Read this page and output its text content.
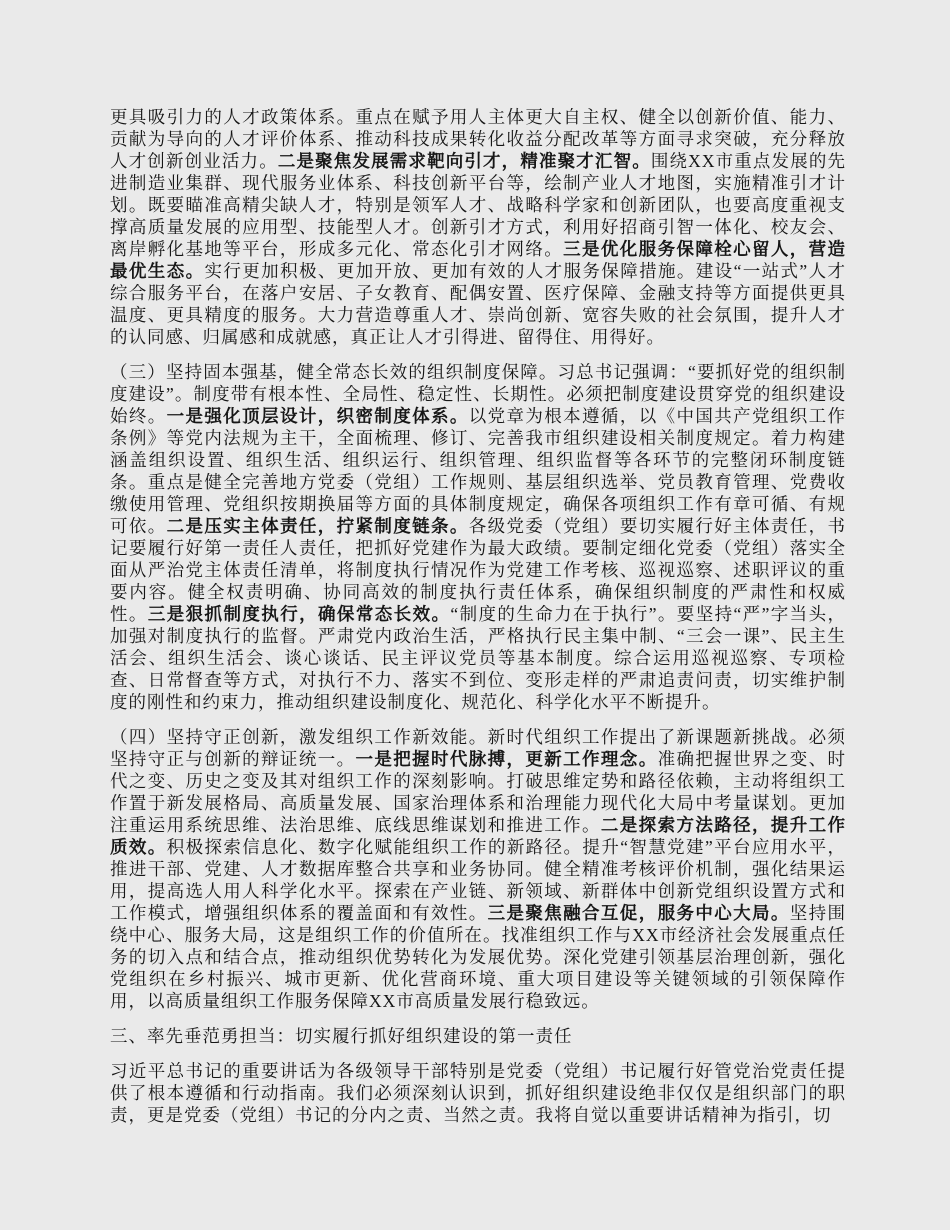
更具吸引力的人才政策体系。重点在赋予用人主体更大自主权、健全以创新价值、能力、贡献为导向的人才评价体系、推动科技成果转化收益分配改革等方面寻求突破，充分释放人才创新创业活力。二是聚焦发展需求靶向引才，精准聚才汇智。围绕XX市重点发展的先进制造业集群、现代服务业体系、科技创新平台等，绘制产业人才地图，实施精准引才计划。既要瞄准高精尖缺人才，特别是领军人才、战略科学家和创新团队，也要高度重视支撑高质量发展的应用型、技能型人才。创新引才方式，利用好招商引智一体化、校友会、离岸孵化基地等平台，形成多元化、常态化引才网络。三是优化服务保障栓心留人，营造最优生态。实行更加积极、更加开放、更加有效的人才服务保障措施。建设“一站式”人才综合服务平台，在落户安居、子女教育、配偶安置、医疗保障、金融支持等方面提供更具温度、更具精度的服务。大力营造尊重人才、崇尚创新、宽容失败的社会氛围，提升人才的认同感、归属感和成就感，真正让人才引得进、留得住、用得好。

（三）坚持固本强基，健全常态长效的组织制度保障。习总书记强调：“要抓好党的组织制度建设”。制度带有根本性、全局性、稳定性、长期性。必须把制度建设贯穿党的组织建设始终。一是强化顶层设计，织密制度体系。以党章为根本遵循，以《中国共产党组织工作条例》等党内法规为主干，全面梳理、修订、完善我市组织建设相关制度规定。着力构建涵盖组织设置、组织生活、组织运行、组织管理、组织监督等各环节的完整闭环制度链条。重点是健全完善地方党委（党组）工作规则、基层组织选举、党员教育管理、党费收缴使用管理、党组织按期换届等方面的具体制度规定，确保各项组织工作有章可循、有规可依。二是压实主体责任，拧紧制度链条。各级党委（党组）要切实履行好主体责任，书记要履行好第一责任人责任，把抓好党建作为最大政绩。要制定细化党委（党组）落实全面从严治党主体责任清单，将制度执行情况作为党建工作考核、巡视巡察、述职评议的重要内容。健全权责明确、协同高效的制度执行责任体系，确保组织制度的严肃性和权威性。三是狠抓制度执行，确保常态长效。“制度的生命力在于执行”。要坚持“严”字当头，加强对制度执行的监督。严肃党内政治生活，严格执行民主集中制、“三会一课”、民主生活会、组织生活会、谈心谈话、民主评议党员等基本制度。综合运用巡视巡察、专项检查、日常督查等方式，对执行不力、落实不到位、变形走样的严肃追责问责，切实维护制度的刚性和约束力，推动组织建设制度化、规范化、科学化水平不断提升。

（四）坚持守正创新，激发组织工作新效能。新时代组织工作提出了新课题新挑战。必须坚持守正与创新的辩证统一。一是把握时代脉搏，更新工作理念。准确把握世界之变、时代之变、历史之变及其对组织工作的深刻影响。打破思维定势和路径依赖，主动将组织工作置于新发展格局、高质量发展、国家治理体系和治理能力现代化大局中考量谋划。更加注重运用系统思维、法治思维、底线思维谋划和推进工作。二是探索方法路径，提升工作质效。积极探索信息化、数字化赋能组织工作的新路径。提升“智慧党建”平台应用水平，推进干部、党建、人才数据库整合共享和业务协同。健全精准考核评价机制，强化结果运用，提高选人用人科学化水平。探索在产业链、新领域、新群体中创新党组织设置方式和工作模式，增强组织体系的覆盖面和有效性。三是聚焦融合互促，服务中心大局。坚持围绕中心、服务大局，这是组织工作的价值所在。找准组织工作与XX市经济社会发展重点任务的切入点和结合点，推动组织优势转化为发展优势。深化党建引领基层治理创新，强化党组织在乡村振兴、城市更新、优化营商环境、重大项目建设等关键领域的引领保障作用，以高质量组织工作服务保障XX市高质量发展行稳致远。

三、率先垂范勇担当：切实履行抓好组织建设的第一责任

习近平总书记的重要讲话为各级领导干部特别是党委（党组）书记履行好管党治党责任提供了根本遵循和行动指南。我们必须深刻认识到，抓好组织建设绝非仅仅是组织部门的职责，更是党委（党组）书记的分内之责、当然之责。我将自觉以重要讲话精神为指引，切
